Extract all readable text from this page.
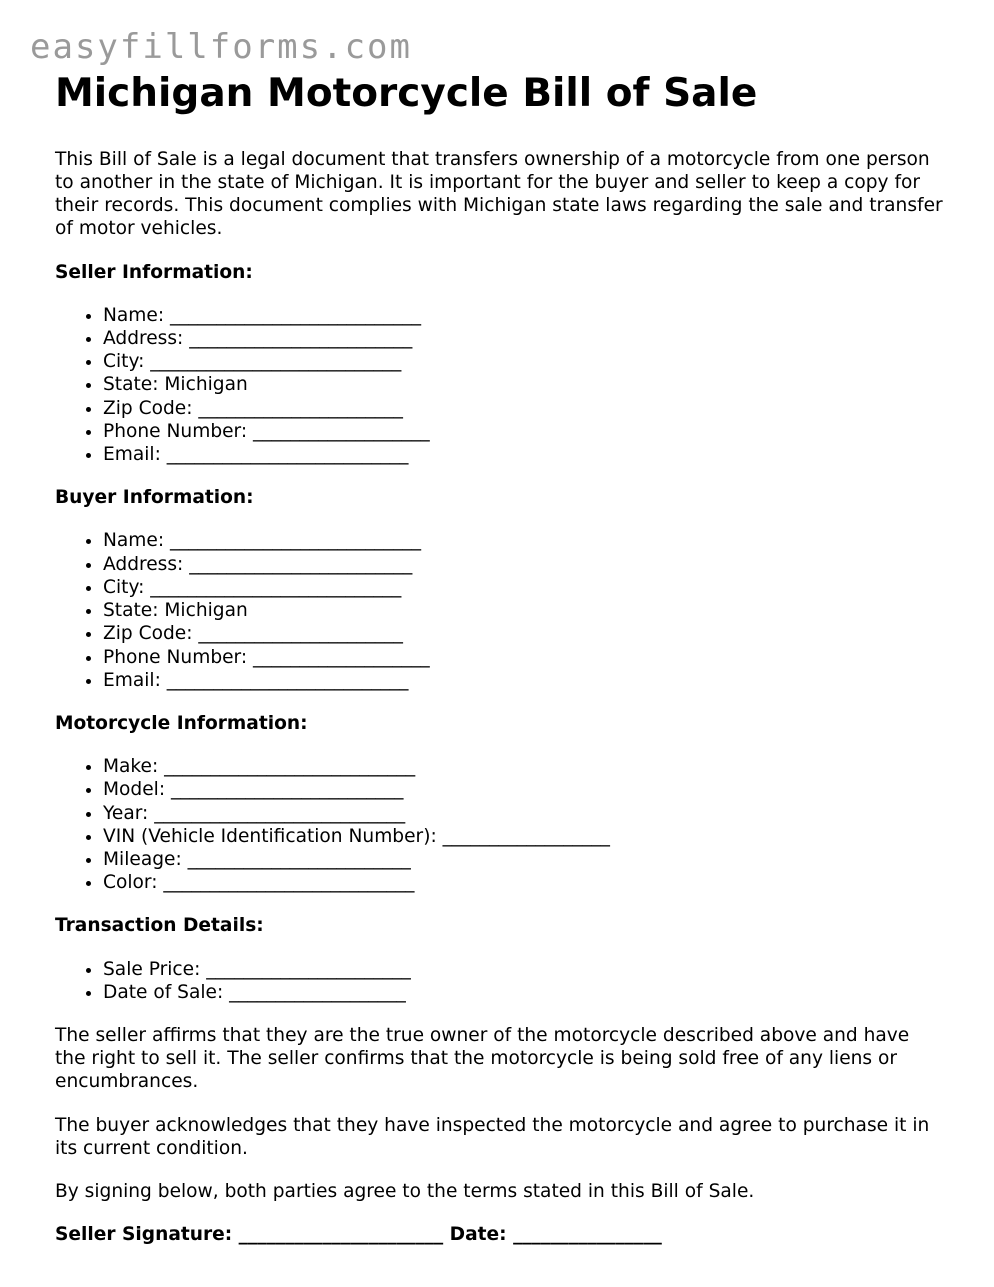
easyfillforms.com
Michigan Motorcycle Bill of Sale

This Bill of Sale is a legal document that transfers ownership of a motorcycle from one person to another in the state of Michigan. It is important for the buyer and seller to keep a copy for their records. This document complies with Michigan state laws regarding the sale and transfer of motor vehicles.

Seller Information:
• Name: ___________________________
• Address: ________________________
• City: ___________________________
• State: Michigan
• Zip Code: ______________________
• Phone Number: ___________________
• Email: __________________________
Buyer Information:
• Name: ___________________________
• Address: ________________________
• City: ___________________________
• State: Michigan
• Zip Code: ______________________
• Phone Number: ___________________
• Email: __________________________
Motorcycle Information:
• Make: ___________________________
• Model: _________________________
• Year: ___________________________
• VIN (Vehicle Identification Number): __________________
• Mileage: ________________________
• Color: ___________________________
Transaction Details:
• Sale Price: ______________________
• Date of Sale: ___________________

The seller affirms that they are the true owner of the motorcycle described above and have the right to sell it. The seller confirms that the motorcycle is being sold free of any liens or encumbrances.

The buyer acknowledges that they have inspected the motorcycle and agree to purchase it in its current condition.

By signing below, both parties agree to the terms stated in this Bill of Sale.

Seller Signature: ______________________ Date: ________________
